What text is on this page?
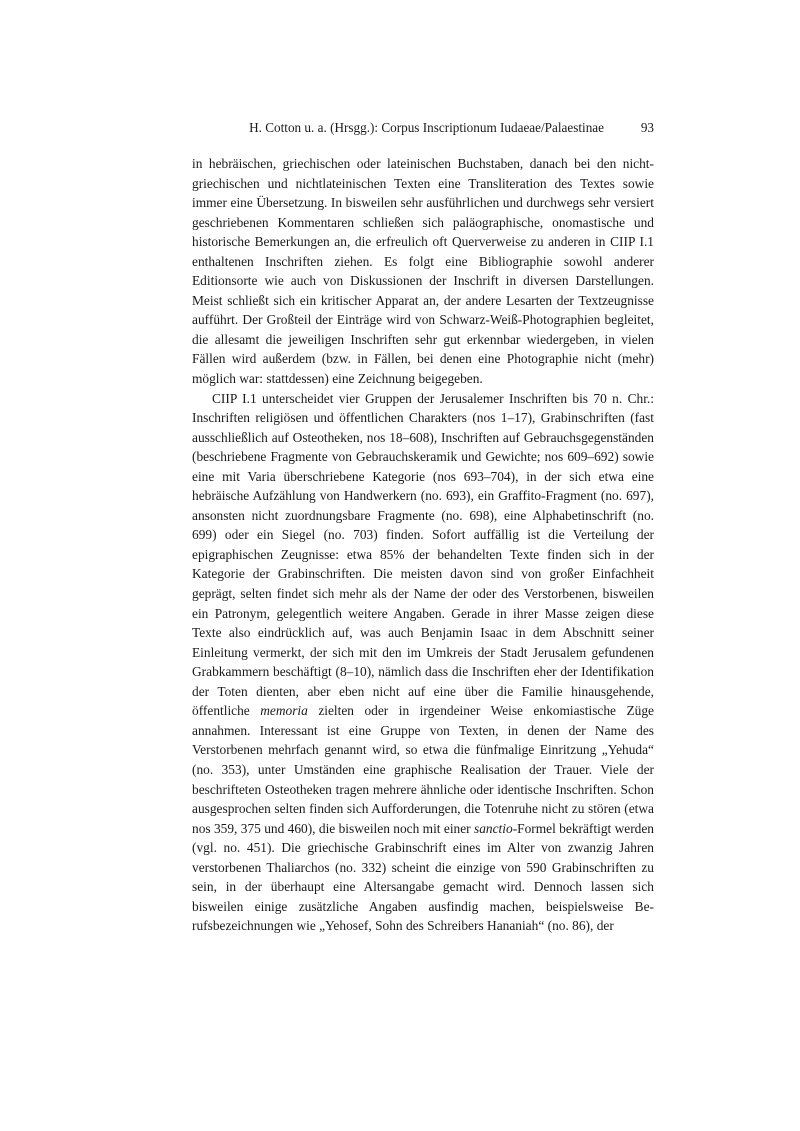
H. Cotton u. a. (Hrsgg.): Corpus Inscriptionum Iudaeae/Palaestinae	93

in hebräischen, griechischen oder lateinischen Buchstaben, danach bei den nichtgriechischen und nichtlateinischen Texten eine Transliteration des Textes sowie immer eine Übersetzung. In bisweilen sehr ausführlichen und durchwegs sehr versiert geschriebenen Kommentaren schließen sich paläographische, onomastische und historische Bemerkungen an, die erfreulich oft Querverweise zu anderen in CIIP I.1 enthaltenen Inschriften ziehen. Es folgt eine Bibliographie sowohl anderer Editionsorte wie auch von Diskussionen der Inschrift in diversen Darstellungen. Meist schließt sich ein kritischer Apparat an, der andere Lesarten der Textzeugnisse aufführt. Der Großteil der Einträge wird von Schwarz-Weiß-Photographien begleitet, die allesamt die jeweiligen Inschriften sehr gut erkennbar wiedergeben, in vielen Fällen wird außerdem (bzw. in Fällen, bei denen eine Photographie nicht (mehr) möglich war: stattdessen) eine Zeichnung beigegeben.

CIIP I.1 unterscheidet vier Gruppen der Jerusalemer Inschriften bis 70 n. Chr.: Inschriften religiösen und öffentlichen Charakters (nos 1–17), Grabinschriften (fast ausschließlich auf Osteotheken, nos 18–608), Inschriften auf Gebrauchsgegenständen (beschriebene Fragmente von Gebrauchskeramik und Gewichte; nos 609–692) sowie eine mit Varia überschriebene Kategorie (nos 693–704), in der sich etwa eine hebräische Aufzählung von Handwerkern (no. 693), ein Graffito-Fragment (no. 697), ansonsten nicht zuordnungsbare Fragmente (no. 698), eine Alphabetinschrift (no. 699) oder ein Siegel (no. 703) finden. Sofort auffällig ist die Verteilung der epigraphischen Zeugnisse: etwa 85% der behandelten Texte finden sich in der Kategorie der Grabinschriften. Die meisten davon sind von großer Einfachheit geprägt, selten findet sich mehr als der Name der oder des Verstorbenen, bisweilen ein Patronym, gelegentlich weitere Angaben. Gerade in ihrer Masse zeigen diese Texte also eindrücklich auf, was auch Benjamin Isaac in dem Abschnitt seiner Einleitung vermerkt, der sich mit den im Umkreis der Stadt Jerusalem gefundenen Grabkammern beschäftigt (8–10), nämlich dass die Inschriften eher der Identifikation der Toten dienten, aber eben nicht auf eine über die Familie hinausgehende, öffentliche memoria zielten oder in irgendeiner Weise enkomiastische Züge annahmen. Interessant ist eine Gruppe von Texten, in denen der Name des Verstorbenen mehrfach genannt wird, so etwa die fünfmalige Einritzung „Yehuda“ (no. 353), unter Umständen eine graphische Realisation der Trauer. Viele der beschrifteten Osteotheken tragen mehrere ähnliche oder identische Inschriften. Schon ausgesprochen selten finden sich Aufforderungen, die Totenruhe nicht zu stören (etwa nos 359, 375 und 460), die bisweilen noch mit einer sanctio-Formel bekräftigt werden (vgl. no. 451). Die griechische Grabinschrift eines im Alter von zwanzig Jahren verstorbenen Thaliarchos (no. 332) scheint die einzige von 590 Grabinschriften zu sein, in der überhaupt eine Altersangabe gemacht wird. Dennoch lassen sich bisweilen einige zusätzliche Angaben ausfindig machen, beispielsweise Berufsbezeichnungen wie „Yehosef, Sohn des Schreibers Hananiah“ (no. 86), der
